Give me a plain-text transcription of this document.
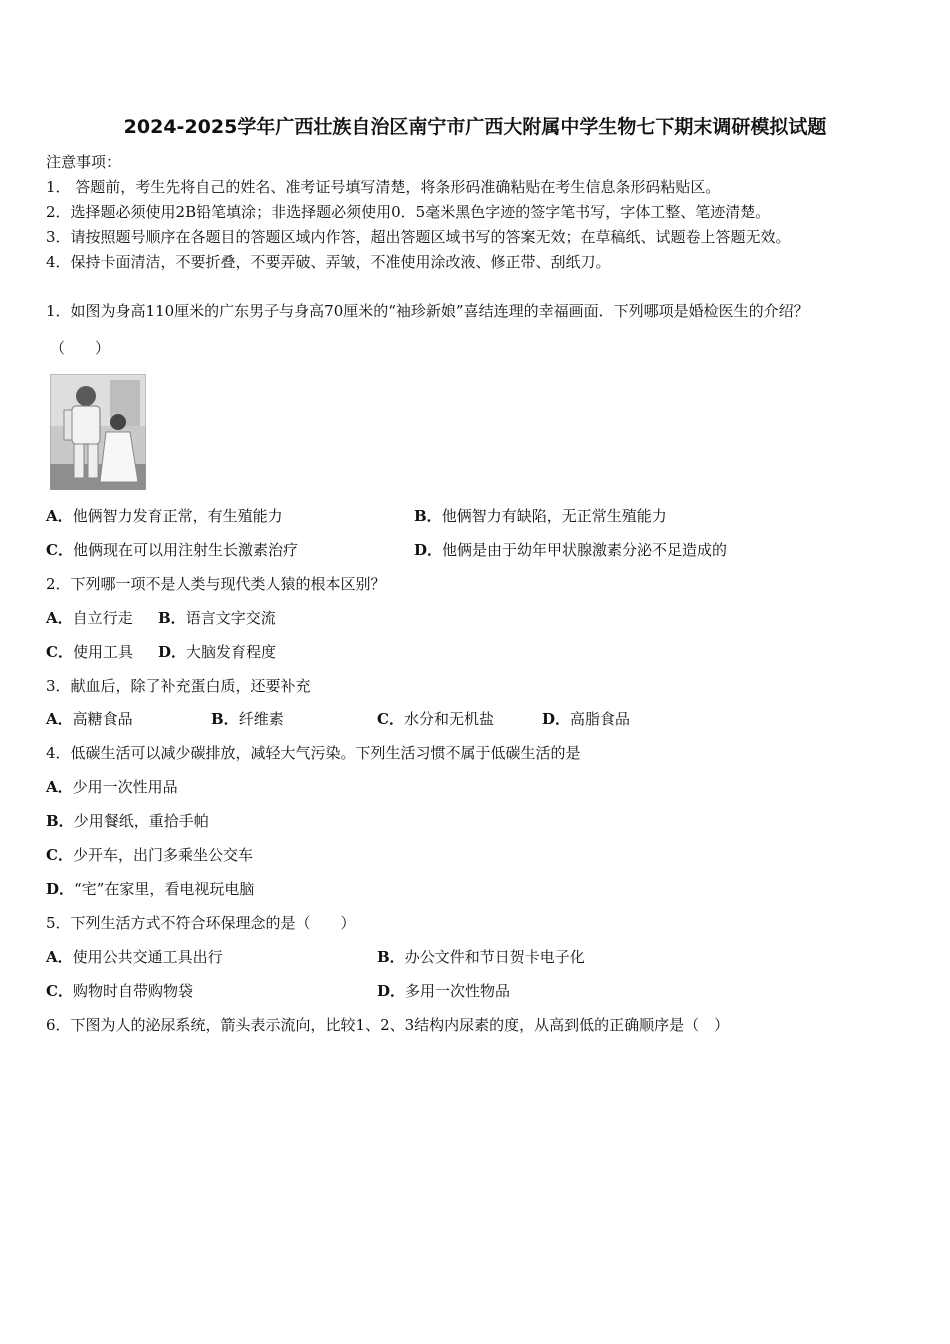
2024-2025学年广西壮族自治区南宁市广西大附属中学生物七下期末调研模拟试题
注意事项：
1． 答题前，考生先将自己的姓名、准考证号填写清楚，将条形码准确粘贴在考生信息条形码粘贴区。
2．选择题必须使用2B铅笔填涂；非选择题必须使用0．5毫米黑色字迹的签字笔书写，字体工整、笔迹清楚。
3．请按照题号顺序在各题目的答题区域内作答，超出答题区域书写的答案无效；在草稿纸、试题卷上答题无效。
4．保持卡面清洁，不要折叠，不要弄破、弄皱，不准使用涂改液、修正带、刮纸刀。
1．如图为身高110厘米的广东男子与身高70厘米的“袖珍新娘”喜结连理的幸福画面．下列哪项是婚检医生的介绍？
（　　）
A．他俩智力发育正常，有生殖能力	B．他俩智力有缺陷，无正常生殖能力
C．他俩现在可以用注射生长激素治疗	D．他俩是由于幼年甲状腺激素分泌不足造成的
2．下列哪一项不是人类与现代类人猿的根本区别？
A．自立行走 B．语言文字交流
C．使用工具 D．大脑发育程度
3．献血后，除了补充蛋白质，还要补充
A．高糖食品	B．纤维素	C．水分和无机盐	D．高脂食品
4．低碳生活可以减少碳排放，减轻大气污染。下列生活习惯不属于低碳生活的是
A．少用一次性用品
B．少用餐纸，重拾手帕
C．少开车，出门多乘坐公交车
D．“宅”在家里，看电视玩电脑
5．下列生活方式不符合环保理念的是（　　）
A．使用公共交通工具出行	B．办公文件和节日贺卡电子化
C．购物时自带购物袋	D．多用一次性物品
6．下图为人的泌尿系统，箭头表示流向，比较1、2、3结构内尿素的度，从高到低的正确顺序是（　）
